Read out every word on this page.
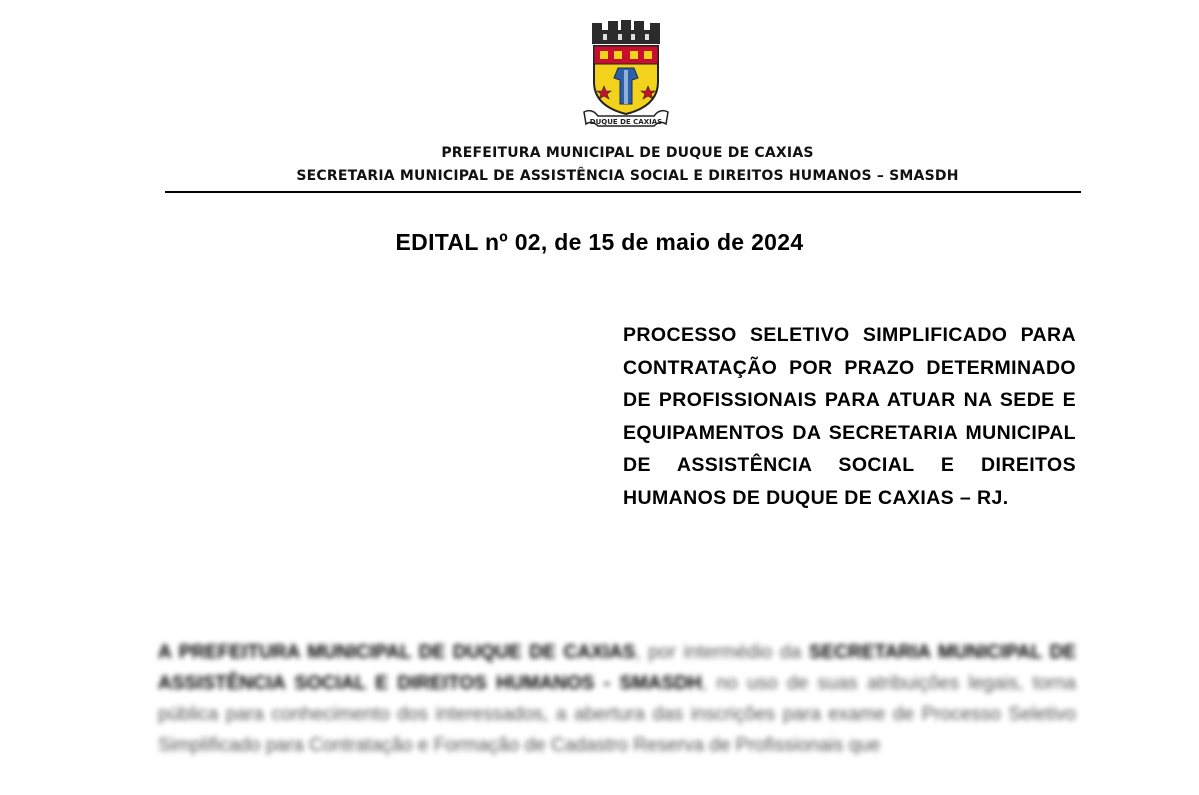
DUQUE DE CAXIAS
PREFEITURA MUNICIPAL DE DUQUE DE CAXIAS
SECRETARIA MUNICIPAL DE ASSISTÊNCIA SOCIAL E DIREITOS HUMANOS – SMASDH
EDITAL nº 02, de 15 de maio de 2024
PROCESSO SELETIVO SIMPLIFICADO PARA CONTRATAÇÃO POR PRAZO DETERMINADO DE PROFISSIONAIS PARA ATUAR NA SEDE E EQUIPAMENTOS DA SECRETARIA MUNICIPAL DE ASSISTÊNCIA SOCIAL E DIREITOS HUMANOS DE DUQUE DE CAXIAS – RJ.
A PREFEITURA MUNICIPAL DE DUQUE DE CAXIAS, por intermédio da SECRETARIA MUNICIPAL DE ASSISTÊNCIA SOCIAL E DIREITOS HUMANOS - SMASDH, no uso de suas atribuições legais, torna pública para conhecimento dos interessados, a abertura das inscrições para exame de Processo Seletivo Simplificado para Contratação e Formação de Cadastro Reserva de Profissionais que
